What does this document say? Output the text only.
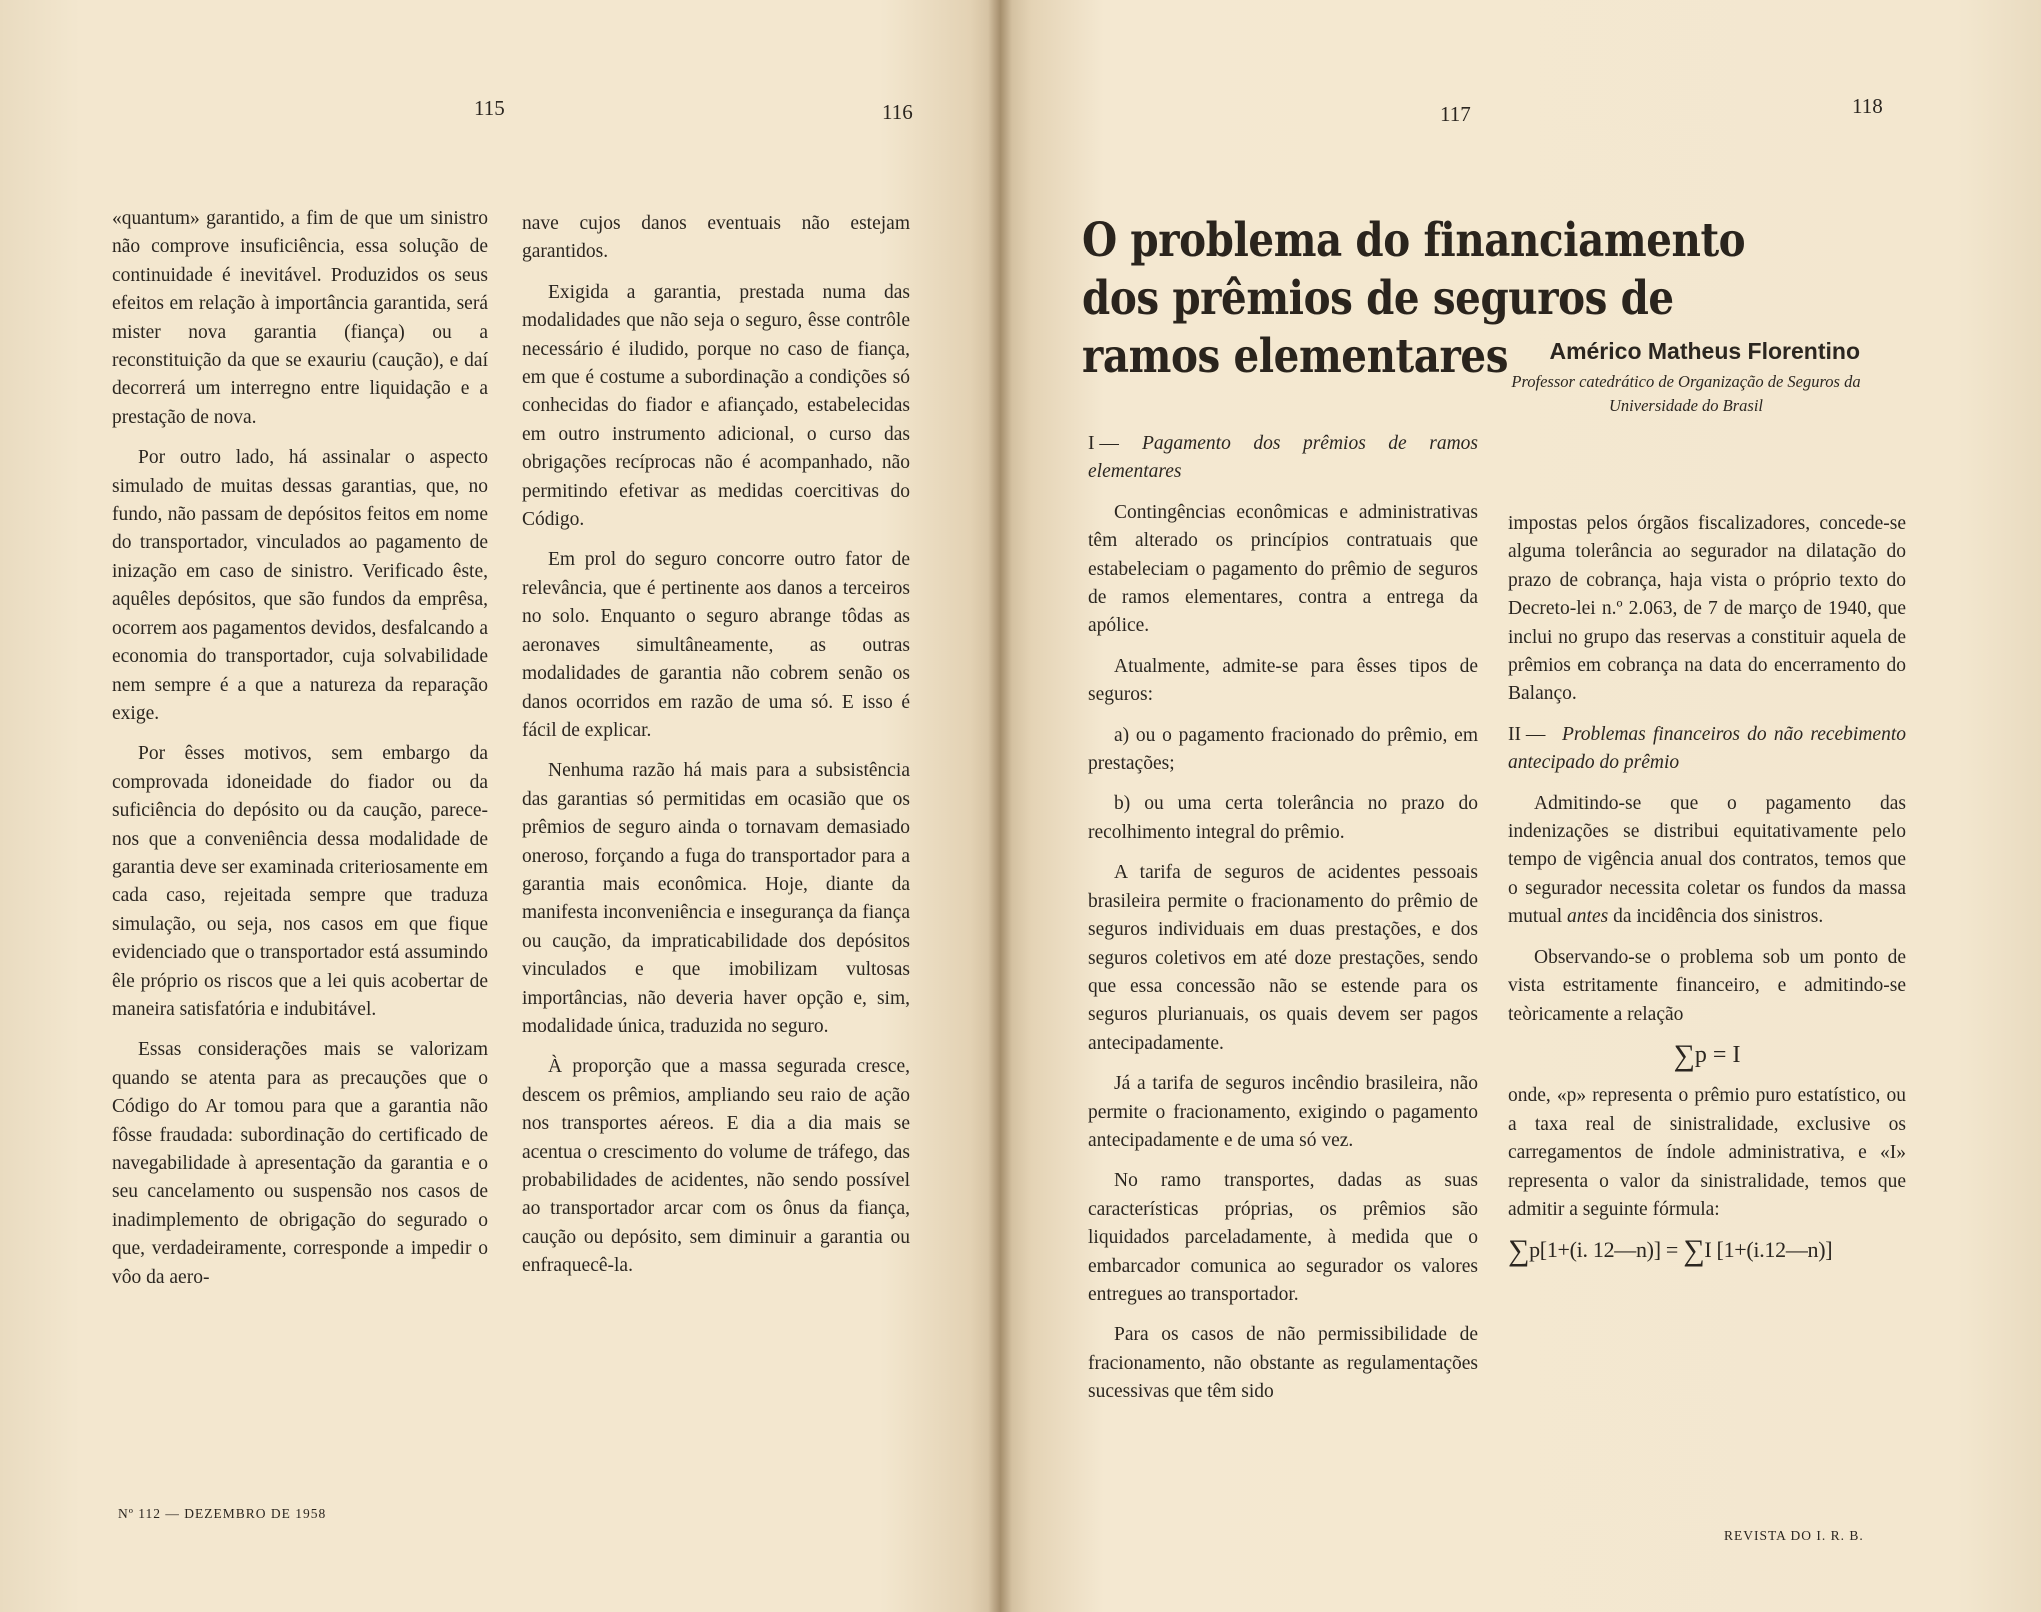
115	116	117	118

«quantum» garantido, a fim de que um sinistro não comprove insuficiência, essa solução de continuidade é inevitável. Produzidos os seus efeitos em relação à importância garantida, será mister nova garantia (fiança) ou a reconstituição da que se exauriu (caução), e daí decorrerá um interregno entre liquidação e a prestação de nova.

Por outro lado, há assinalar o aspecto simulado de muitas dessas garantias, que, no fundo, não passam de depósitos feitos em nome do transportador, vinculados ao pagamento de inização em caso de sinistro. Verificado êste, aquêles depósitos, que são fundos da emprêsa, ocorrem aos pagamentos devidos, desfalcando a economia do transportador, cuja solvabilidade nem sempre é a que a natureza da reparação exige.

Por êsses motivos, sem embargo da comprovada idoneidade do fiador ou da suficiência do depósito ou da caução, parece-nos que a conveniência dessa modalidade de garantia deve ser examinada criteriosamente em cada caso, rejeitada sempre que traduza simulação, ou seja, nos casos em que fique evidenciado que o transportador está assumindo êle próprio os riscos que a lei quis acobertar de maneira satisfatória e indubitável.

Essas considerações mais se valorizam quando se atenta para as precauções que o Código do Ar tomou para que a garantia não fôsse fraudada: subordinação do certificado de navegabilidade à apresentação da garantia e o seu cancelamento ou suspensão nos casos de inadimplemento de obrigação do segurado o que, verdadeiramente, corresponde a impedir o vôo da aero-

nave cujos danos eventuais não estejam garantidos.

Exigida a garantia, prestada numa das modalidades que não seja o seguro, êsse contrôle necessário é iludido, porque no caso de fiança, em que é costume a subordinação a condições só conhecidas do fiador e afiançado, estabelecidas em outro instrumento adicional, o curso das obrigações recíprocas não é acompanhado, não permitindo efetivar as medidas coercitivas do Código.

Em prol do seguro concorre outro fator de relevância, que é pertinente aos danos a terceiros no solo. Enquanto o seguro abrange tôdas as aeronaves simultâneamente, as outras modalidades de garantia não cobrem senão os danos ocorridos em razão de uma só. E isso é fácil de explicar.

Nenhuma razão há mais para a subsistência das garantias só permitidas em ocasião que os prêmios de seguro ainda o tornavam demasiado oneroso, forçando a fuga do transportador para a garantia mais econômica. Hoje, diante da manifesta inconveniência e insegurança da fiança ou caução, da impraticabilidade dos depósitos vinculados e que imobilizam vultosas importâncias, não deveria haver opção e, sim, modalidade única, traduzida no seguro.

À proporção que a massa segurada cresce, descem os prêmios, ampliando seu raio de ação nos transportes aéreos. E dia a dia mais se acentua o crescimento do volume de tráfego, das probabilidades de acidentes, não sendo possível ao transportador arcar com os ônus da fiança, caução ou depósito, sem diminuir a garantia ou enfraquecê-la.

O problema do financiamento dos prêmios de seguros de ramos elementares	Américo Matheus Florentino
Professor catedrático de Organização de Seguros da Universidade do Brasil

I — Pagamento dos prêmios de ramos elementares

Contingências econômicas e administrativas têm alterado os princípios contratuais que estabeleciam o pagamento do prêmio de seguros de ramos elementares, contra a entrega da apólice.

Atualmente, admite-se para êsses tipos de seguros:

a) ou o pagamento fracionado do prêmio, em prestações;

b) ou uma certa tolerância no prazo do recolhimento integral do prêmio.

A tarifa de seguros de acidentes pessoais brasileira permite o fracionamento do prêmio de seguros individuais em duas prestações, e dos seguros coletivos em até doze prestações, sendo que essa concessão não se estende para os seguros plurianuais, os quais devem ser pagos antecipadamente.

Já a tarifa de seguros incêndio brasileira, não permite o fracionamento, exigindo o pagamento antecipadamente e de uma só vez.

No ramo transportes, dadas as suas características próprias, os prêmios são liquidados parceladamente, à medida que o embarcador comunica ao segurador os valores entregues ao transportador.

Para os casos de não permissibilidade de fracionamento, não obstante as regulamentações sucessivas que têm sido

impostas pelos órgãos fiscalizadores, concede-se alguma tolerância ao segurador na dilatação do prazo de cobrança, haja vista o próprio texto do Decreto-lei n.º 2.063, de 7 de março de 1940, que inclui no grupo das reservas a constituir aquela de prêmios em cobrança na data do encerramento do Balanço.

II — Problemas financeiros do não recebimento antecipado do prêmio

Admitindo-se que o pagamento das indenizações se distribui equitativamente pelo tempo de vigência anual dos contratos, temos que o segurador necessita coletar os fundos da massa mutual antes da incidência dos sinistros.

Observando-se o problema sob um ponto de vista estritamente financeiro, e admitindo-se teòricamente a relação

∑p = I

onde, «p» representa o prêmio puro estatístico, ou a taxa real de sinistralidade, exclusive os carregamentos de índole administrativa, e «I» representa o valor da sinistralidade, temos que admitir a seguinte fórmula:

∑p[1+(i. 12—n)] = ∑I [1+(i.12—n)]

Nº 112 — DEZEMBRO DE 1958
REVISTA DO I. R. B.
